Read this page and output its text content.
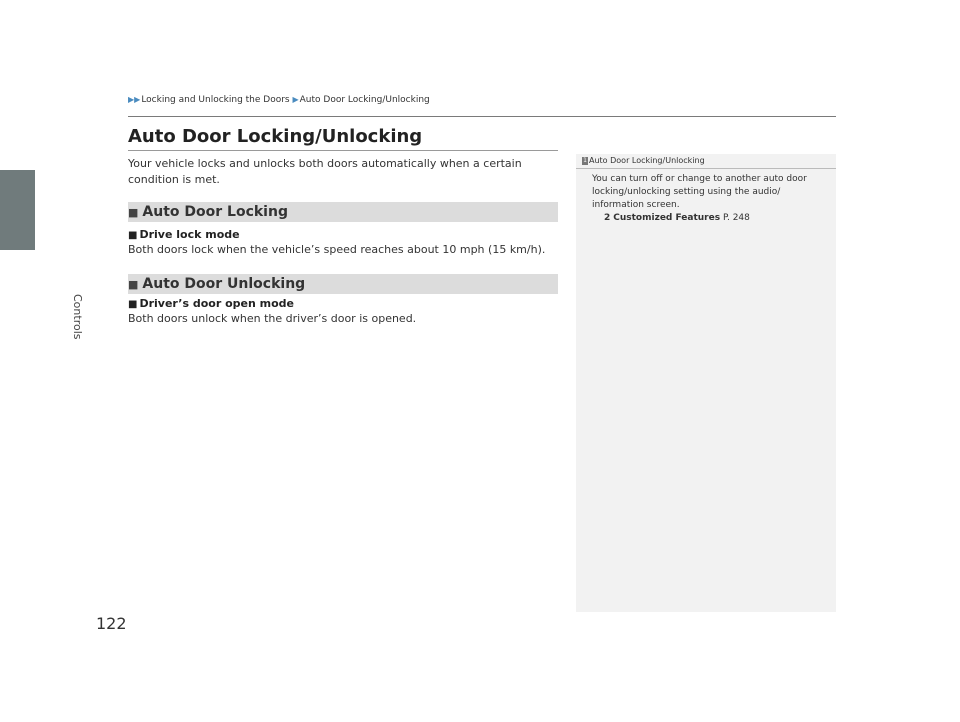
Controls
▶▶Locking and Unlocking the Doors ▶Auto Door Locking/Unlocking
Auto Door Locking/Unlocking

Your vehicle locks and unlocks both doors automatically when a certain condition is met.

■ Auto Door Locking
■ Drive lock mode

Both doors lock when the vehicle’s speed reaches about 10 mph (15 km/h).

■ Auto Door Unlocking
■ Driver’s door open mode

Both doors unlock when the driver’s door is opened.

1 Auto Door Locking/Unlocking

You can turn off or change to another auto door locking/unlocking setting using the audio/ information screen.

2 Customized Features P. 248
122
